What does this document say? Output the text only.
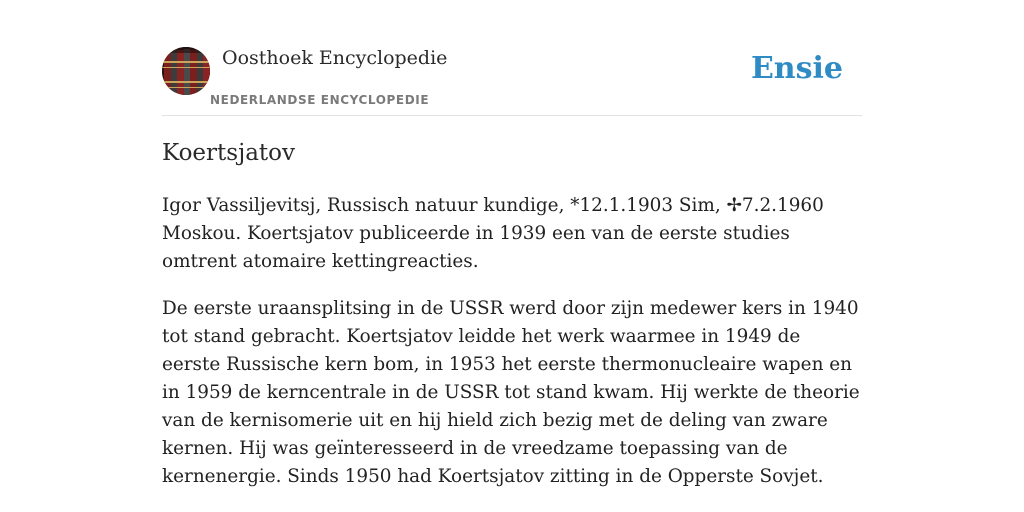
Oosthoek Encyclopedie
NEDERLANDSE ENCYCLOPEDIE
Ensie
Koertsjatov

Igor Vassiljevitsj, Russisch natuur kundige, *12.1.1903 Sim, ✢7.2.1960 Moskou. Koertsjatov publiceerde in 1939 een van de eerste studies omtrent atomaire kettingreacties.

De eerste uraansplitsing in de USSR werd door zijn medewer kers in 1940 tot stand gebracht. Koertsjatov leidde het werk waarmee in 1949 de eerste Russische kern bom, in 1953 het eerste thermonucleaire wapen en in 1959 de kerncentrale in de USSR tot stand kwam. Hij werkte de theorie van de kernisomerie uit en hij hield zich bezig met de deling van zware kernen. Hij was geïnteresseerd in de vreedzame toepassing van de kernenergie. Sinds 1950 had Koertsjatov zitting in de Opperste Sovjet.
